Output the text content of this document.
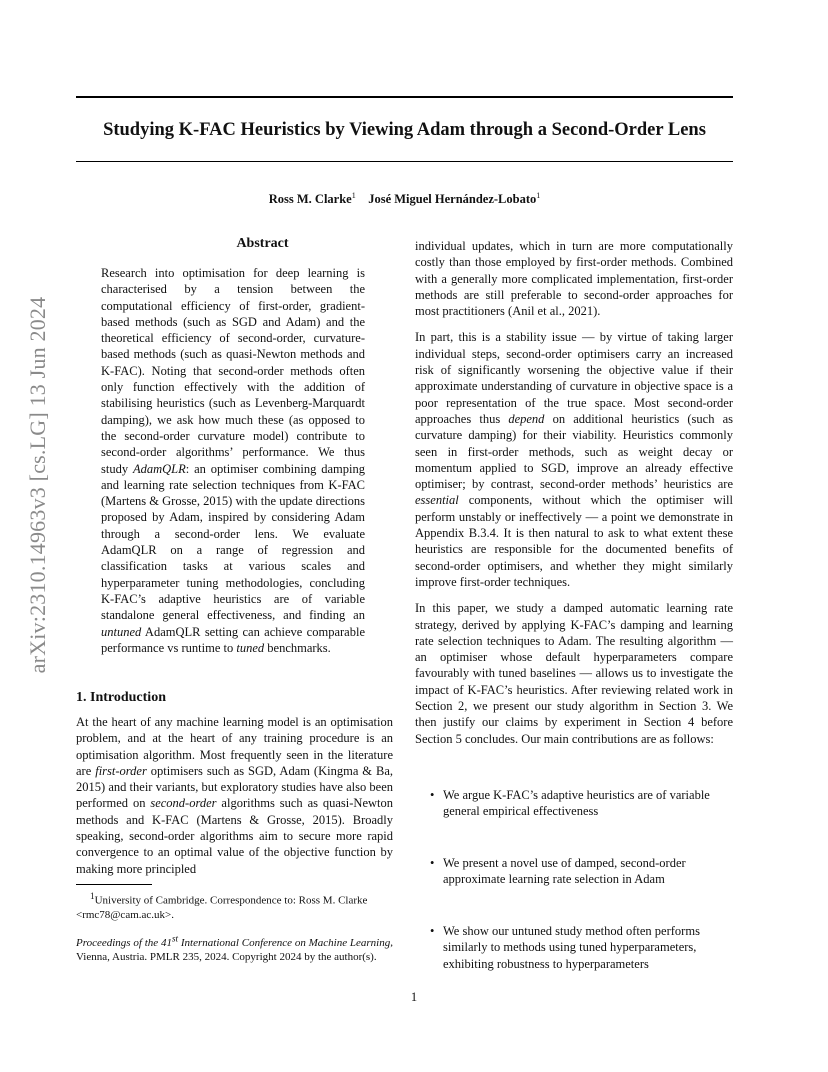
Studying K-FAC Heuristics by Viewing Adam through a Second-Order Lens
Ross M. Clarke$^1$ José Miguel Hernández-Lobato$^1$
arXiv:2310.14963v3 [cs.LG] 13 Jun 2024
Abstract

Research into optimisation for deep learning is characterised by a tension between the computational efficiency of first-order, gradient-based methods (such as SGD and Adam) and the theoretical efficiency of second-order, curvature-based methods (such as quasi-Newton methods and K-FAC). Noting that second-order methods often only function effectively with the addition of stabilising heuristics (such as Levenberg-Marquardt damping), we ask how much these (as opposed to the second-order curvature model) contribute to second-order algorithms’ performance. We thus study AdamQLR: an optimiser combining damping and learning rate selection techniques from K-FAC (Martens & Grosse, 2015) with the update directions proposed by Adam, inspired by considering Adam through a second-order lens. We evaluate AdamQLR on a range of regression and classification tasks at various scales and hyperparameter tuning methodologies, concluding K-FAC’s adaptive heuristics are of variable standalone general effectiveness, and finding an untuned AdamQLR setting can achieve comparable performance vs runtime to tuned benchmarks.

1. Introduction

At the heart of any machine learning model is an optimisation problem, and at the heart of any training procedure is an optimisation algorithm. Most frequently seen in the literature are first-order optimisers such as SGD, Adam (Kingma & Ba, 2015) and their variants, but exploratory studies have also been performed on second-order algorithms such as quasi-Newton methods and K-FAC (Martens & Grosse, 2015). Broadly speaking, second-order algorithms aim to secure more rapid convergence to an optimal value of the objective function by making more principled

$^1$University of Cambridge. Correspondence to: Ross M. Clarke <rmc78@cam.ac.uk>.

Proceedings of the 41st International Conference on Machine Learning, Vienna, Austria. PMLR 235, 2024. Copyright 2024 by the author(s).

individual updates, which in turn are more computationally costly than those employed by first-order methods. Combined with a generally more complicated implementation, first-order methods are still preferable to second-order approaches for most practitioners (Anil et al., 2021).

In part, this is a stability issue — by virtue of taking larger individual steps, second-order optimisers carry an increased risk of significantly worsening the objective value if their approximate understanding of curvature in objective space is a poor representation of the true space. Most second-order approaches thus depend on additional heuristics (such as curvature damping) for their viability. Heuristics commonly seen in first-order methods, such as weight decay or momentum applied to SGD, improve an already effective optimiser; by contrast, second-order methods’ heuristics are essential components, without which the optimiser will perform unstably or ineffectively — a point we demonstrate in Appendix B.3.4. It is then natural to ask to what extent these heuristics are responsible for the documented benefits of second-order optimisers, and whether they might similarly improve first-order techniques.

In this paper, we study a damped automatic learning rate strategy, derived by applying K-FAC’s damping and learning rate selection techniques to Adam. The resulting algorithm — an optimiser whose default hyperparameters compare favourably with tuned baselines — allows us to investigate the impact of K-FAC’s heuristics. After reviewing related work in Section 2, we present our study algorithm in Section 3. We then justify our claims by experiment in Section 4 before Section 5 concludes. Our main contributions are as follows:

• We argue K-FAC’s adaptive heuristics are of variable general empirical effectiveness
• We present a novel use of damped, second-order approximate learning rate selection in Adam
• We show our untuned study method often performs similarly to methods using tuned hyperparameters, exhibiting robustness to hyperparameters
1
